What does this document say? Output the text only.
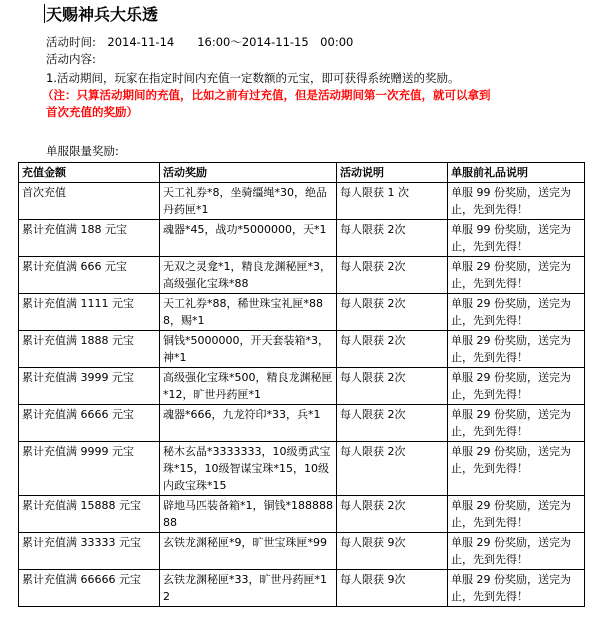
天赐神兵大乐透
活动时间:　 2014-11-14　　16:00～2014-11-15　00:00
活动内容:
1.活动期间，玩家在指定时间内充值一定数额的元宝，即可获得系统赠送的奖励。
（注：只算活动期间的充值，比如之前有过充值，但是活动期间第一次充值，就可以拿到
首次充值的奖励）
单服限量奖励:
充值金额	活动奖励	活动说明	单服前礼品说明
首次充值	天工礼券*8，坐骑缰绳*30，绝品丹药匣*1	每人限获 1 次	单服 99 份奖励，送完为止，先到先得！
累计充值满 188 元宝	魂器*45，战功*5000000，天*1	每人限获 2次	单服 99 份奖励，送完为止，先到先得！
累计充值满 666 元宝	无双之灵龛*1，精良龙渊秘匣*3，高级强化宝珠*88	每人限获 2次	单服 29 份奖励，送完为止，先到先得！
累计充值满 1111 元宝	天工礼券*88，稀世珠宝礼匣*888，赐*1	每人限获 2次	单服 29 份奖励，送完为止，先到先得！
累计充值满 1888 元宝	铜钱*5000000，开天套装箱*3，神*1	每人限获 2次	单服 29 份奖励，送完为止，先到先得！
累计充值满 3999 元宝	高级强化宝珠*500，精良龙渊秘匣*12，旷世丹药匣*1	每人限获 2次	单服 29 份奖励，送完为止，先到先得！
累计充值满 6666 元宝	魂器*666，九龙符印*33，兵*1	每人限获 2次	单服 29 份奖励，送完为止，先到先得！
累计充值满 9999 元宝	秘木玄晶*3333333，10级勇武宝珠*15，10级智谋宝珠*15，10级内政宝珠*15	每人限获 2次	单服 29 份奖励，送完为止，先到先得！
累计充值满 15888 元宝	辟地马匹装备箱*1，铜钱*18888888	每人限获 2次	单服 29 份奖励，送完为止，先到先得！
累计充值满 33333 元宝	玄铁龙渊秘匣*9，旷世宝珠匣*99	每人限获 9次	单服 29 份奖励，送完为止，先到先得！
累计充值满 66666 元宝	玄铁龙渊秘匣*33，旷世丹药匣*12	每人限获 9次	单服 29 份奖励，送完为止，先到先得！
